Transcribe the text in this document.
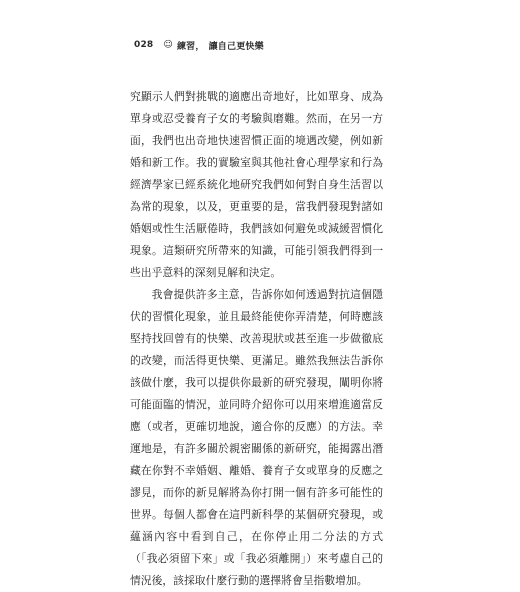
028 ☺ 練習， 讓自己更快樂

究顯示人們對挑戰的適應出奇地好，比如單身、成為單身或忍受養育子女的考驗與磨難。然而，在另一方面，我們也出奇地快速習慣正面的境遇改變，例如新婚和新工作。我的實驗室與其他社會心理學家和行為經濟學家已經系統化地研究我們如何對自身生活習以為常的現象，以及，更重要的是，當我們發現對諸如婚姻或性生活厭倦時，我們該如何避免或減緩習慣化現象。這類研究所帶來的知識，可能引領我們得到一些出乎意料的深刻見解和決定。

我會提供許多主意，告訴你如何透過對抗這個隱伏的習慣化現象，並且最終能使你弄清楚，何時應該堅持找回曾有的快樂、改善現狀或甚至進一步做徹底的改變，而活得更快樂、更滿足。雖然我無法告訴你該做什麼，我可以提供你最新的研究發現，闡明你將可能面臨的情況，並同時介紹你可以用來增進適當反應（或者，更確切地說，適合你的反應）的方法。幸運地是，有許多關於親密關係的新研究，能揭露出潛藏在你對不幸婚姻、離婚、養育子女或單身的反應之謬見，而你的新見解將為你打開一個有許多可能性的世界。每個人都會在這門新科學的某個研究發現，或蘊涵內容中看到自己，在你停止用二分法的方式（「我必須留下來」或「我必須離開」）來考慮自己的情況後，該採取什麼行動的選擇將會呈指數增加。
